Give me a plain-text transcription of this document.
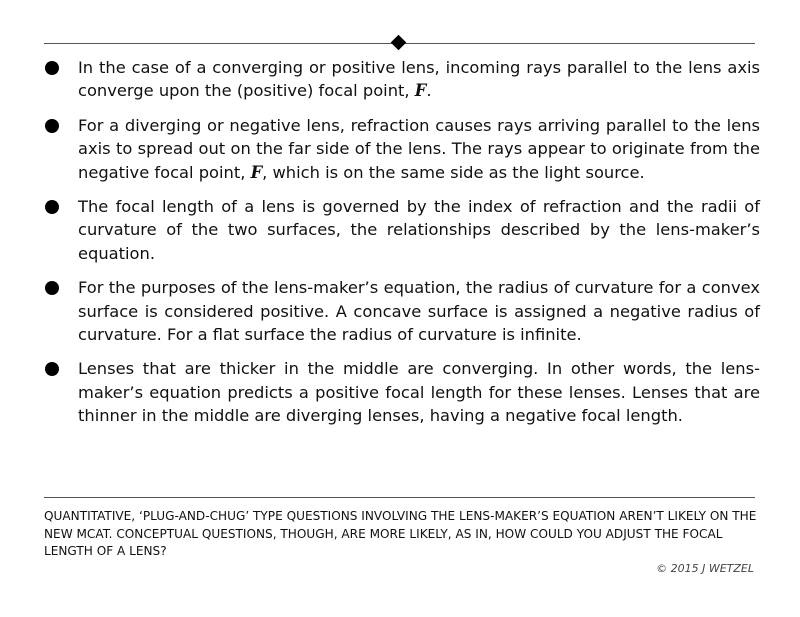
In the case of a converging or positive lens, incoming rays parallel to the lens axis converge upon the (positive) focal point, F.
For a diverging or negative lens, refraction causes rays arriving parallel to the lens axis to spread out on the far side of the lens. The rays appear to originate from the negative focal point, F, which is on the same side as the light source.
The focal length of a lens is governed by the index of refraction and the radii of curvature of the two surfaces, the relationships described by the lens-maker’s equation.
For the purposes of the lens-maker’s equation, the radius of curvature for a convex surface is considered positive. A concave surface is assigned a negative radius of curvature. For a flat surface the radius of curvature is infinite.
Lenses that are thicker in the middle are converging. In other words, the lens-maker’s equation predicts a positive focal length for these lenses. Lenses that are thinner in the middle are diverging lenses, having a negative focal length.

QUANTITATIVE, ‘PLUG-AND-CHUG’ TYPE QUESTIONS INVOLVING THE LENS-MAKER’S EQUATION AREN’T LIKELY ON THE NEW MCAT. CONCEPTUAL QUESTIONS, THOUGH, ARE MORE LIKELY, AS IN, HOW COULD YOU ADJUST THE FOCAL LENGTH OF A LENS?

© 2015 J WETZEL
